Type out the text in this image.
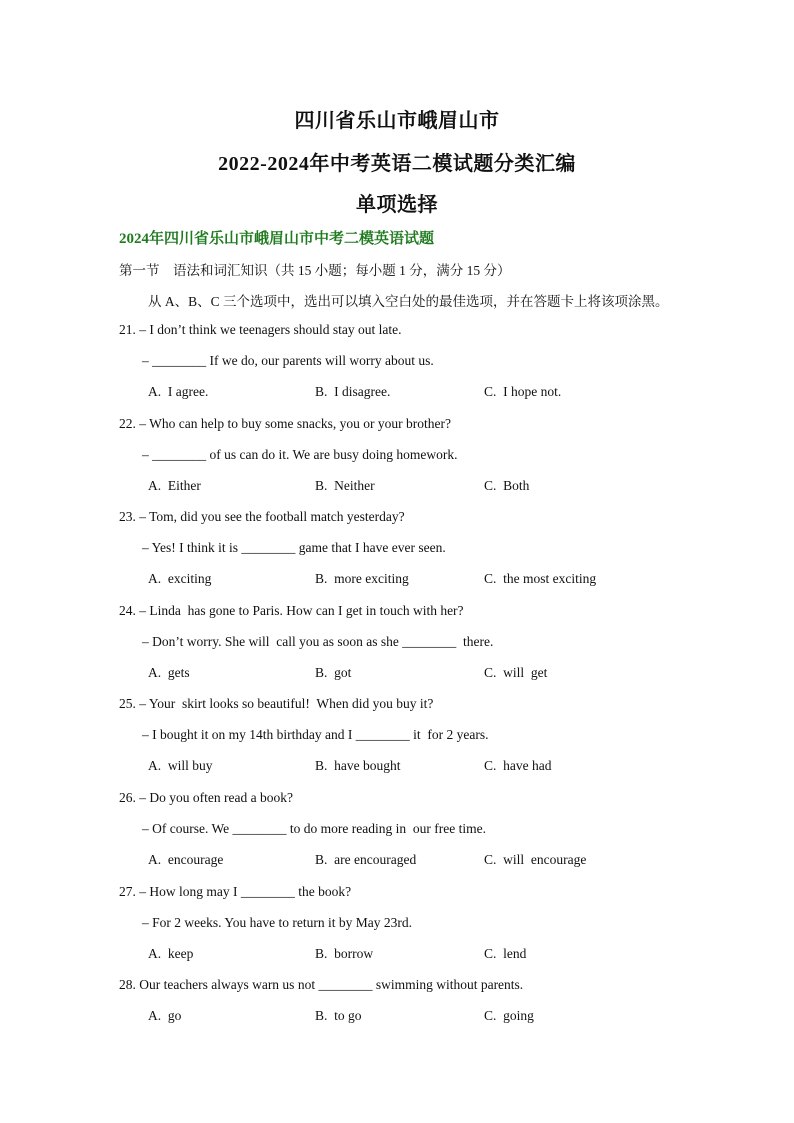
四川省乐山市峨眉山市
2022-2024年中考英语二模试题分类汇编
单项选择
2024年四川省乐山市峨眉山市中考二模英语试题
第一节　语法和词汇知识（共 15 小题；每小题 1 分，满分 15 分）
从 A、B、C 三个选项中，选出可以填入空白处的最佳选项，并在答题卡上将该项涂黑。
21. – I don’t think we teenagers should stay out late.
– ________ If we do, our parents will worry about us.
A.  I agree.	B.  I disagree.	C.  I hope not.
22. – Who can help to buy some snacks, you or your brother?
– ________ of us can do it. We are busy doing homework.
A.  Either	B.  Neither	C.  Both
23. – Tom, did you see the football match yesterday?
– Yes! I think it is ________ game that I have ever seen.
A.  exciting	B.  more exciting	C.  the most exciting
24. – Linda  has gone to Paris. How can I get in touch with her?
– Don’t worry. She will  call you as soon as she ________  there.
A.  gets	B.  got	C.  will  get
25. – Your  skirt looks so beautiful!  When did you buy it?
– I bought it on my 14th birthday and I ________ it  for 2 years.
A.  will buy	B.  have bought	C.  have had
26. – Do you often read a book?
– Of course. We ________ to do more reading in  our free time.
A.  encourage	B.  are encouraged	C.  will  encourage
27. – How long may I ________ the book?
– For 2 weeks. You have to return it by May 23rd.
A.  keep	B.  borrow	C.  lend
28. Our teachers always warn us not ________ swimming without parents.
A.  go	B.  to go	C.  going
